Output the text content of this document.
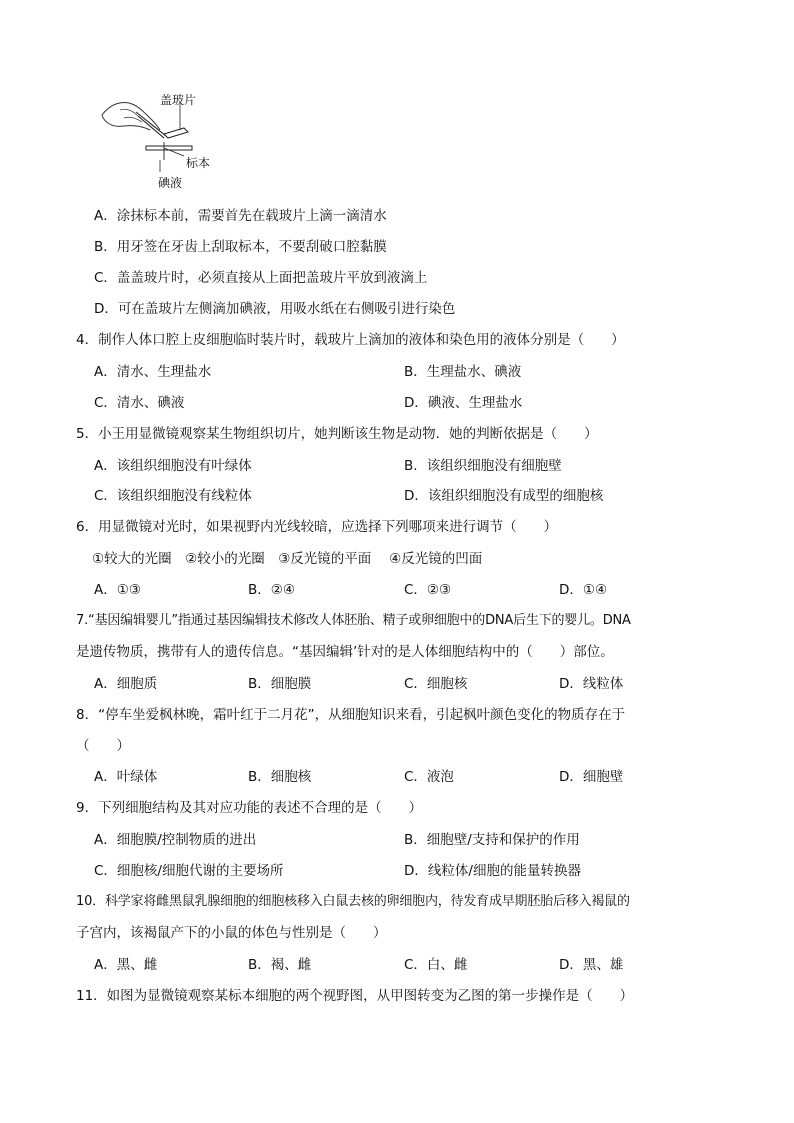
盖玻片
标本
碘液
A．涂抹标本前，需要首先在载玻片上滴一滴清水
B．用牙签在牙齿上刮取标本，不要刮破口腔黏膜
C．盖盖玻片时，必须直接从上面把盖玻片平放到液滴上
D．可在盖玻片左侧滴加碘液，用吸水纸在右侧吸引进行染色
4．制作人体口腔上皮细胞临时装片时，载玻片上滴加的液体和染色用的液体分别是（　　）
A．清水、生理盐水	B．生理盐水、碘液
C．清水、碘液	D．碘液、生理盐水
5．小王用显微镜观察某生物组织切片，她判断该生物是动物．她的判断依据是（　　）
A．该组织细胞没有叶绿体	B．该组织细胞没有细胞壁
C．该组织细胞没有线粒体	D．该组织细胞没有成型的细胞核
6．用显微镜对光时，如果视野内光线较暗，应选择下列哪项来进行调节（　　）
①较大的光圈　②较小的光圈　③反光镜的平面　 ④反光镜的凹面
A．①③	B．②④	C．②③	D．①④
7.“基因编辑婴儿”指通过基因编辑技术修改人体胚胎、精子或卵细胞中的DNA后生下的婴儿。DNA
是遗传物质，携带有人的遗传信息。“基因编辑’针对的是人体细胞结构中的（　　）部位。
A．细胞质	B．细胞膜	C．细胞核	D．线粒体
8．“停车坐爱枫林晚，霜叶红于二月花”，从细胞知识来看，引起枫叶颜色变化的物质存在于
（　　）
A．叶绿体	B．细胞核	C．液泡	D．细胞壁
9．下列细胞结构及其对应功能的表述不合理的是（　　）
A．细胞膜/控制物质的进出	B．细胞壁/支持和保护的作用
C．细胞核/细胞代谢的主要场所	D．线粒体/细胞的能量转换器
10．科学家将雌黑鼠乳腺细胞的细胞核移入白鼠去核的卵细胞内，待发育成早期胚胎后移入褐鼠的
子宫内，该褐鼠产下的小鼠的体色与性别是（　　）
A．黑、雌	B．褐、雌	C．白、雌	D．黑、雄
11．如图为显微镜观察某标本细胞的两个视野图，从甲图转变为乙图的第一步操作是（　　）
